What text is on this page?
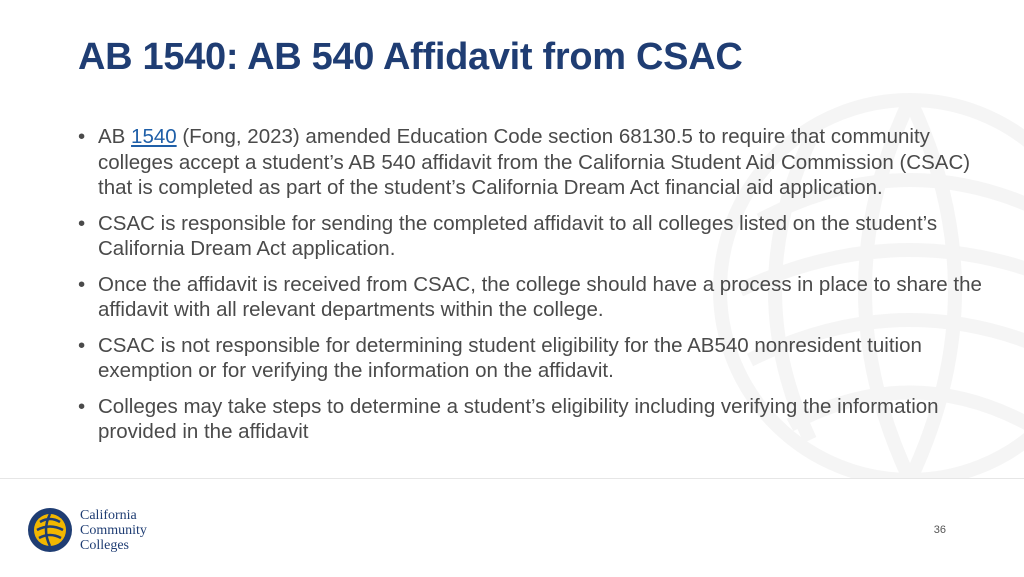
AB 1540: AB 540 Affidavit from CSAC
• AB 1540 (Fong, 2023) amended Education Code section 68130.5 to require that community colleges accept a student’s AB 540 affidavit from the California Student Aid Commission (CSAC) that is completed as part of the student’s California Dream Act financial aid application.
• CSAC is responsible for sending the completed affidavit to all colleges listed on the student’s California Dream Act application.
• Once the affidavit is received from CSAC, the college should have a process in place to share the affidavit with all relevant departments within the college.
• CSAC is not responsible for determining student eligibility for the AB540 nonresident tuition exemption or for verifying the information on the affidavit.
• Colleges may take steps to determine a student’s eligibility including verifying the information provided in the affidavit
California
Community
Colleges
36
